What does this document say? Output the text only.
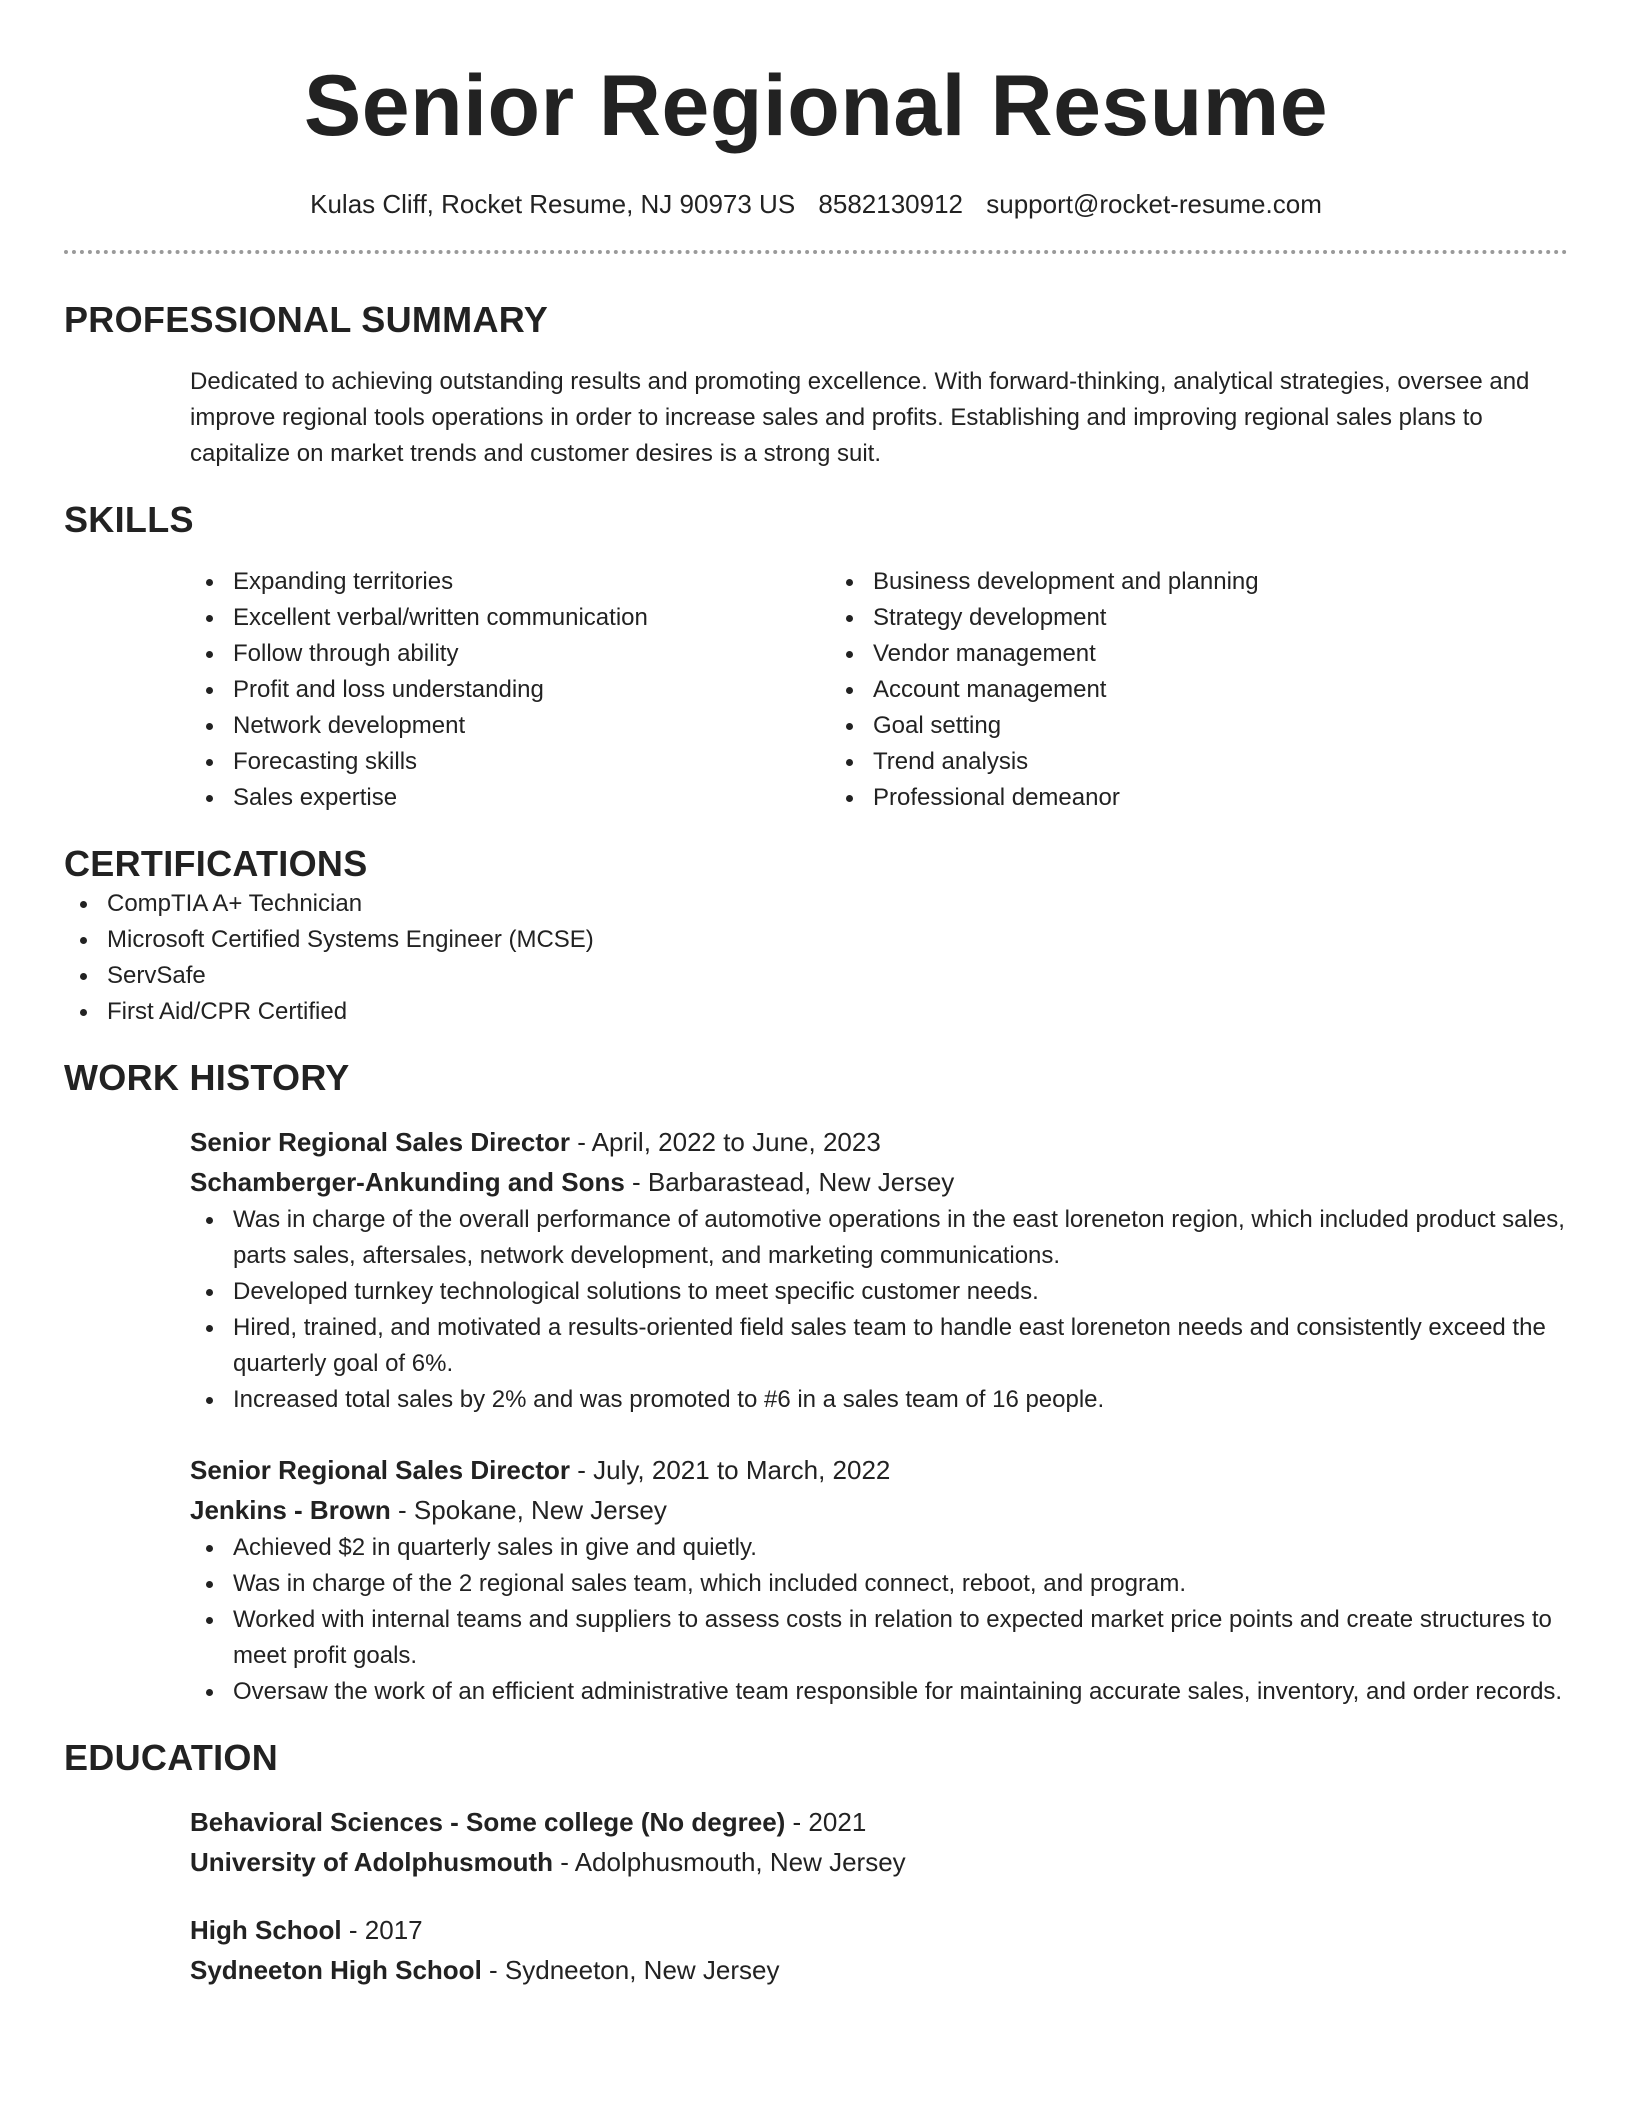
Senior Regional Resume
Kulas Cliff, Rocket Resume, NJ 90973 US 8582130912 support@rocket-resume.com
PROFESSIONAL SUMMARY
Dedicated to achieving outstanding results and promoting excellence. With forward-thinking, analytical strategies, oversee and improve regional tools operations in order to increase sales and profits. Establishing and improving regional sales plans to capitalize on market trends and customer desires is a strong suit.
SKILLS
Expanding territories
Excellent verbal/written communication
Follow through ability
Profit and loss understanding
Network development
Forecasting skills
Sales expertise
Business development and planning
Strategy development
Vendor management
Account management
Goal setting
Trend analysis
Professional demeanor
CERTIFICATIONS
CompTIA A+ Technician
Microsoft Certified Systems Engineer (MCSE)
ServSafe
First Aid/CPR Certified
WORK HISTORY
Senior Regional Sales Director - April, 2022 to June, 2023
Schamberger-Ankunding and Sons - Barbarastead, New Jersey
Was in charge of the overall performance of automotive operations in the east loreneton region, which included product sales, parts sales, aftersales, network development, and marketing communications.
Developed turnkey technological solutions to meet specific customer needs.
Hired, trained, and motivated a results-oriented field sales team to handle east loreneton needs and consistently exceed the quarterly goal of 6%.
Increased total sales by 2% and was promoted to #6 in a sales team of 16 people.
Senior Regional Sales Director - July, 2021 to March, 2022
Jenkins - Brown - Spokane, New Jersey
Achieved $2 in quarterly sales in give and quietly.
Was in charge of the 2 regional sales team, which included connect, reboot, and program.
Worked with internal teams and suppliers to assess costs in relation to expected market price points and create structures to meet profit goals.
Oversaw the work of an efficient administrative team responsible for maintaining accurate sales, inventory, and order records.
EDUCATION
Behavioral Sciences - Some college (No degree) - 2021
University of Adolphusmouth - Adolphusmouth, New Jersey
High School - 2017
Sydneeton High School - Sydneeton, New Jersey
